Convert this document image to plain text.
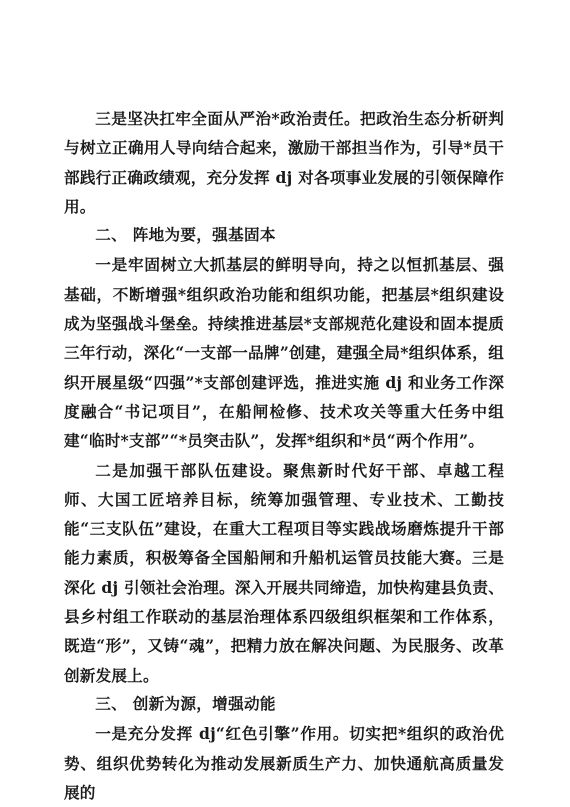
三是坚决扛牢全面从严治*政治责任。把政治生态分析研判与树立正确用人导向结合起来，激励干部担当作为，引导*员干部践行正确政绩观，充分发挥 dj 对各项事业发展的引领保障作用。

二、 阵地为要，强基固本

一是牢固树立大抓基层的鲜明导向，持之以恒抓基层、强基础，不断增强*组织政治功能和组织功能，把基层*组织建设成为坚强战斗堡垒。持续推进基层*支部规范化建设和固本提质三年行动，深化“一支部一品牌”创建，建强全局*组织体系，组织开展星级“四强”*支部创建评选，推进实施 dj 和业务工作深度融合“书记项目”，在船闸检修、技术攻关等重大任务中组建“临时*支部”“*员突击队”，发挥*组织和*员“两个作用”。

二是加强干部队伍建设。聚焦新时代好干部、卓越工程师、大国工匠培养目标，统筹加强管理、专业技术、工勤技能“三支队伍”建设，在重大工程项目等实践战场磨炼提升干部能力素质，积极筹备全国船闸和升船机运管员技能大赛。三是深化 dj 引领社会治理。深入开展共同缔造，加快构建县负责、县乡村组工作联动的基层治理体系四级组织框架和工作体系，既造“形”，又铸“魂”，把精力放在解决问题、为民服务、改革创新发展上。

三、 创新为源，增强动能

一是充分发挥 dj“红色引擎”作用。切实把*组织的政治优势、组织优势转化为推动发展新质生产力、加快通航高质量发展的
